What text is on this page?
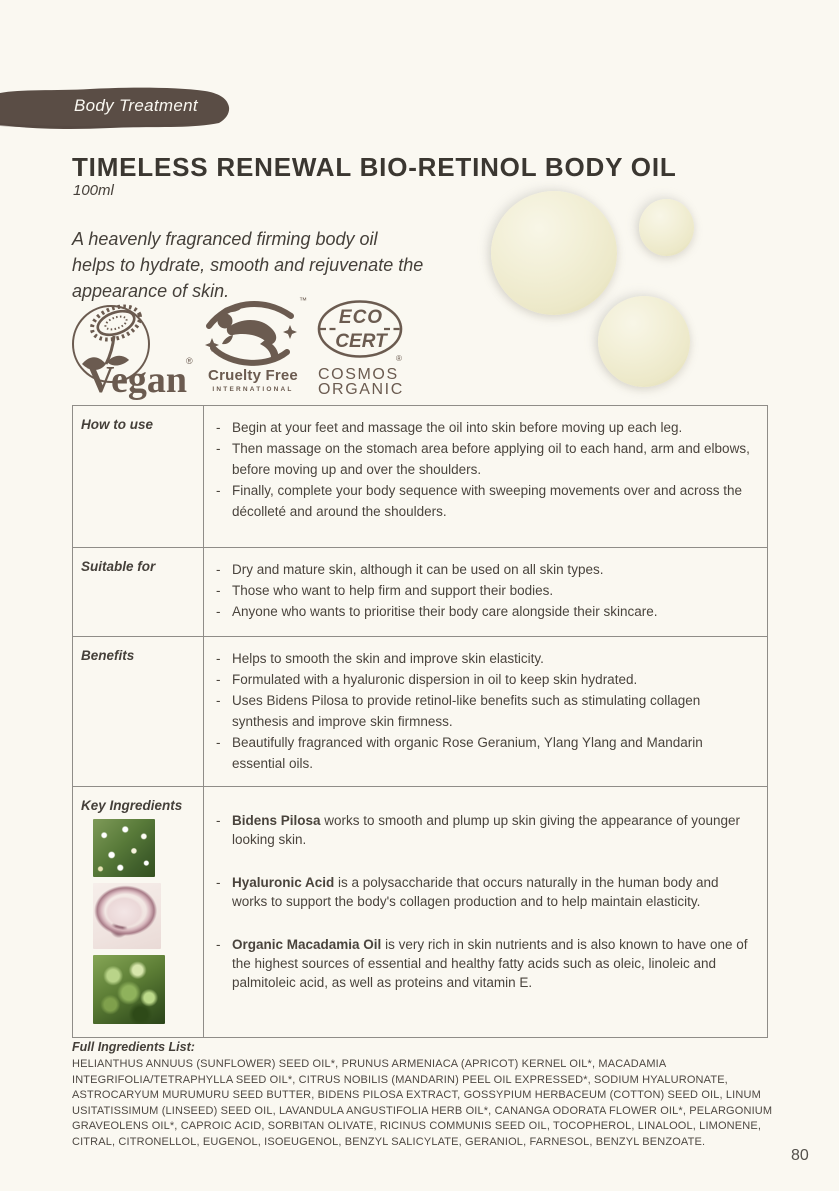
Body Treatment
TIMELESS RENEWAL BIO-RETINOL BODY OIL
100ml
A heavenly fragranced firming body oil
helps to hydrate, smooth and rejuvenate the
appearance of skin.
Vegan ®
™
Cruelty Free
INTERNATIONAL
ECO
CERT
®
COSMOS
ORGANIC
How to use	- Begin at your feet and massage the oil into skin before moving up each leg.

- Then massage on the stomach area before applying oil to each hand, arm and elbows, before moving up and over the shoulders.

- Finally, complete your body sequence with sweeping movements over and across the décolleté and around the shoulders.

Suitable for	- Dry and mature skin, although it can be used on all skin types.

- Those who want to help firm and support their bodies.

- Anyone who wants to prioritise their body care alongside their skincare.

Benefits	- Helps to smooth the skin and improve skin elasticity.

- Formulated with a hyaluronic dispersion in oil to keep skin hydrated.

- Uses Bidens Pilosa to provide retinol-like benefits such as stimulating collagen synthesis and improve skin firmness.

- Beautifully fragranced with organic Rose Geranium, Ylang Ylang and Mandarin essential oils.

Key Ingredients

- Bidens Pilosa works to smooth and plump up skin giving the appearance of younger looking skin.

- Hyaluronic Acid is a polysaccharide that occurs naturally in the human body and works to support the body's collagen production and to help maintain elasticity.

- Organic Macadamia Oil is very rich in skin nutrients and is also known to have one of the highest sources of essential and healthy fatty acids such as oleic, linoleic and palmitoleic acid, as well as proteins and vitamin E.

Full Ingredients List:
HELIANTHUS ANNUUS (SUNFLOWER) SEED OIL*, PRUNUS ARMENIACA (APRICOT) KERNEL OIL*, MACADAMIA INTEGRIFOLIA/TETRAPHYLLA SEED OIL*, CITRUS NOBILIS (MANDARIN) PEEL OIL EXPRESSED*, SODIUM HYALURONATE, ASTROCARYUM MURUMURU SEED BUTTER, BIDENS PILOSA EXTRACT, GOSSYPIUM HERBACEUM (COTTON) SEED OIL, LINUM USITATISSIMUM (LINSEED) SEED OIL, LAVANDULA ANGUSTIFOLIA HERB OIL*, CANANGA ODORATA FLOWER OIL*, PELARGONIUM GRAVEOLENS OIL*, CAPROIC ACID, SORBITAN OLIVATE, RICINUS COMMUNIS SEED OIL, TOCOPHEROL, LINALOOL, LIMONENE, CITRAL, CITRONELLOL, EUGENOL, ISOEUGENOL, BENZYL SALICYLATE, GERANIOL, FARNESOL, BENZYL BENZOATE.
80
